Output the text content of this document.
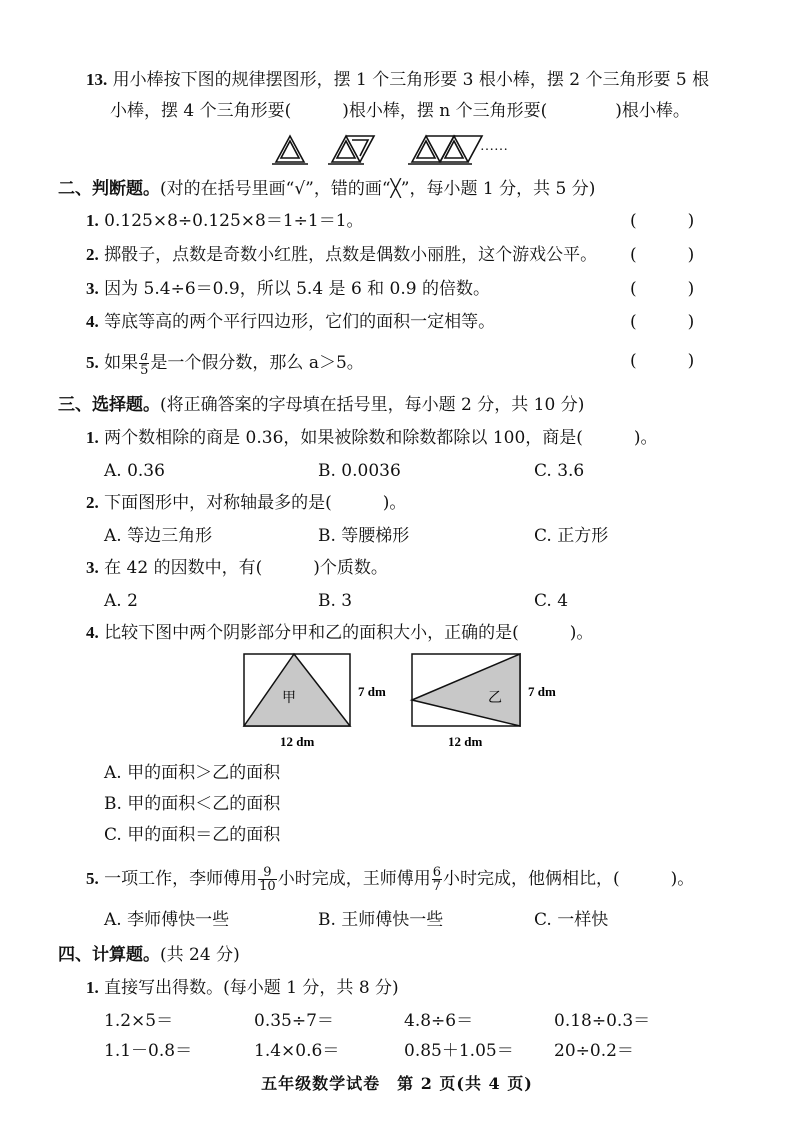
13. 用小棒按下图的规律摆图形，摆 1 个三角形要 3 根小棒，摆 2 个三角形要 5 根
小棒，摆 4 个三角形要(　　　)根小棒，摆 n 个三角形要(　　　　)根小棒。
……
二、判断题。(对的在括号里画“√”，错的画“╳”，每小题 1 分，共 5 分)
1. 0.125×8÷0.125×8＝1÷1＝1。	(　　　)
2. 掷骰子，点数是奇数小红胜，点数是偶数小丽胜，这个游戏公平。 (　　　)
3. 因为 5.4÷6＝0.9，所以 5.4 是 6 和 0.9 的倍数。	(　　　)
4. 等底等高的两个平行四边形，它们的面积一定相等。	(　　　)
5. 如果 $\frac{a}{5}$ 是一个假分数，那么 a＞5。	(　　　)
三、选择题。(将正确答案的字母填在括号里，每小题 2 分，共 10 分)
1. 两个数相除的商是 0.36，如果被除数和除数都除以 100，商是(　　　)。
A. 0.36	B. 0.0036	C. 3.6
2. 下面图形中，对称轴最多的是(　　　)。
A. 等边三角形	B. 等腰梯形	C. 正方形
3. 在 42 的因数中，有(　　　)个质数。
A. 2	B. 3	C. 4
4. 比较下图中两个阴影部分甲和乙的面积大小，正确的是(　　　)。
甲	7 dm
12 dm
乙 7 dm
12 dm
A. 甲的面积＞乙的面积
B. 甲的面积＜乙的面积
C. 甲的面积＝乙的面积
5. 一项工作，李师傅用 $\frac{9}{10}$ 小时完成，王师傅用 $\frac{6}{7}$ 小时完成，他俩相比，(　　　)。
A. 李师傅快一些	B. 王师傅快一些	C. 一样快
四、计算题。(共 24 分)
1. 直接写出得数。(每小题 1 分，共 8 分)
1.2×5＝	0.35÷7＝	4.8÷6＝	0.18÷0.3＝
1.1－0.8＝	1.4×0.6＝	0.85＋1.05＝ 20÷0.2＝
五年级数学试卷　第 2 页(共 4 页)
